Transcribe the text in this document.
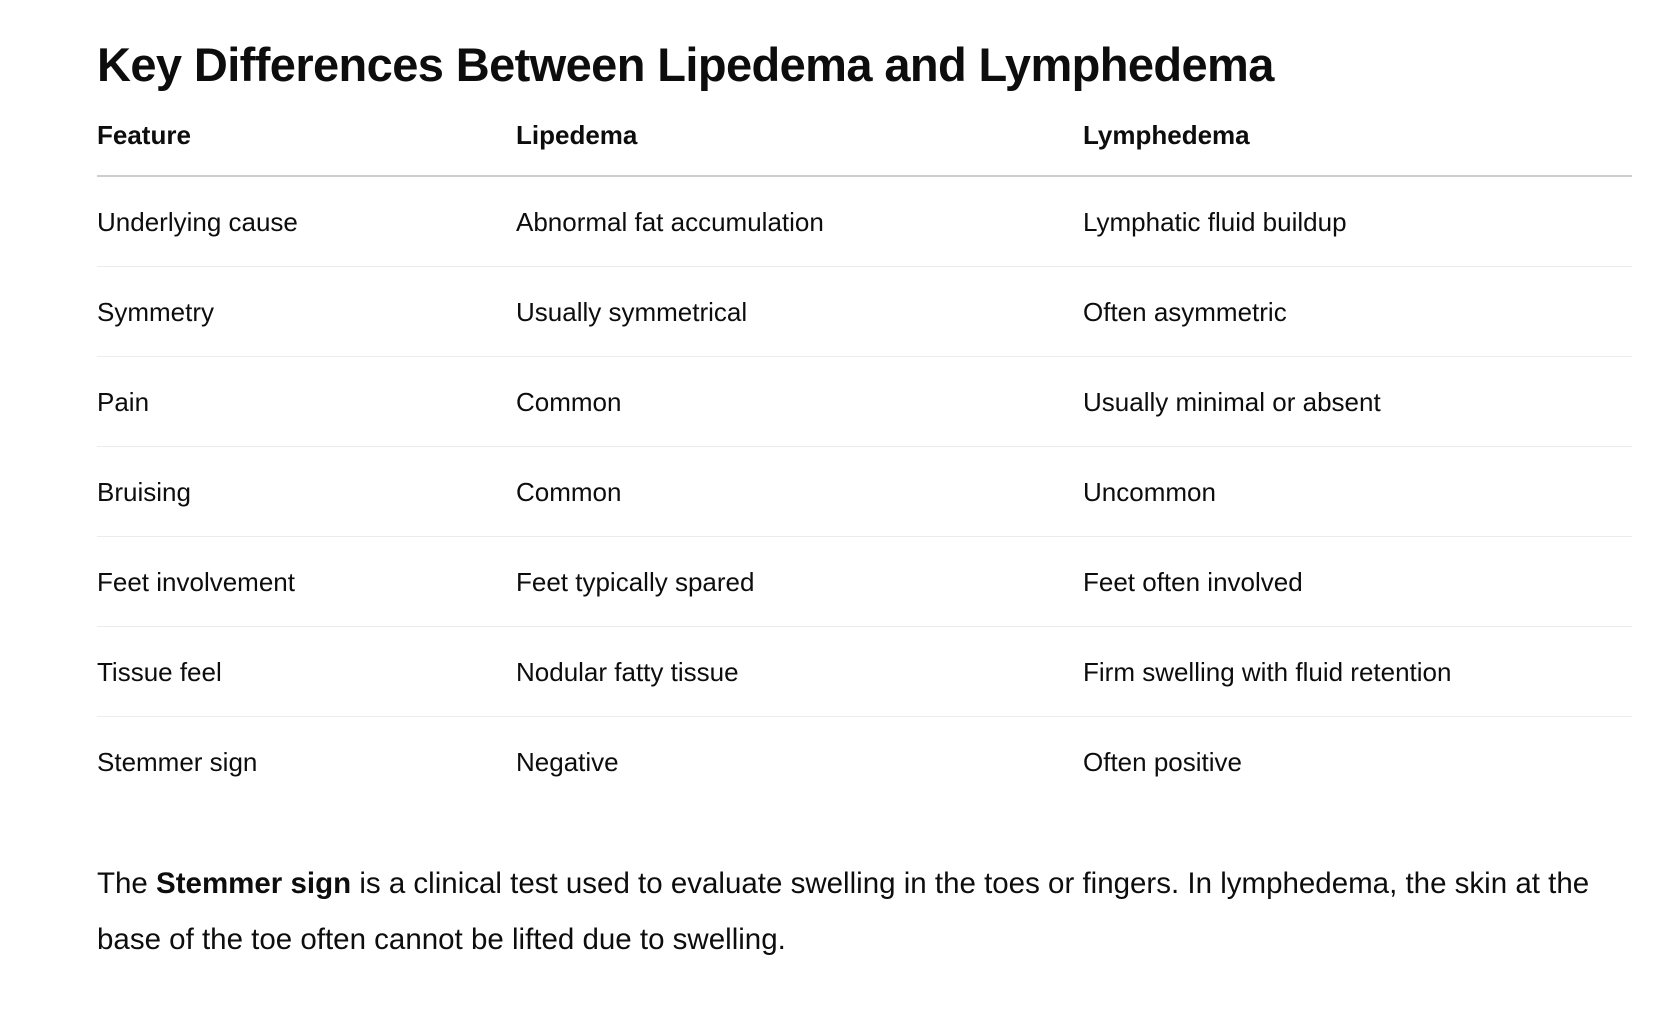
Key Differences Between Lipedema and Lymphedema
Feature	Lipedema	Lymphedema
Underlying cause	Abnormal fat accumulation	Lymphatic fluid buildup
Symmetry	Usually symmetrical	Often asymmetric
Pain	Common	Usually minimal or absent
Bruising	Common	Uncommon
Feet involvement	Feet typically spared	Feet often involved
Tissue feel	Nodular fatty tissue	Firm swelling with fluid retention
Stemmer sign	Negative	Often positive

The Stemmer sign is a clinical test used to evaluate swelling in the toes or fingers. In lymphedema, the skin at the base of the toe often cannot be lifted due to swelling.
